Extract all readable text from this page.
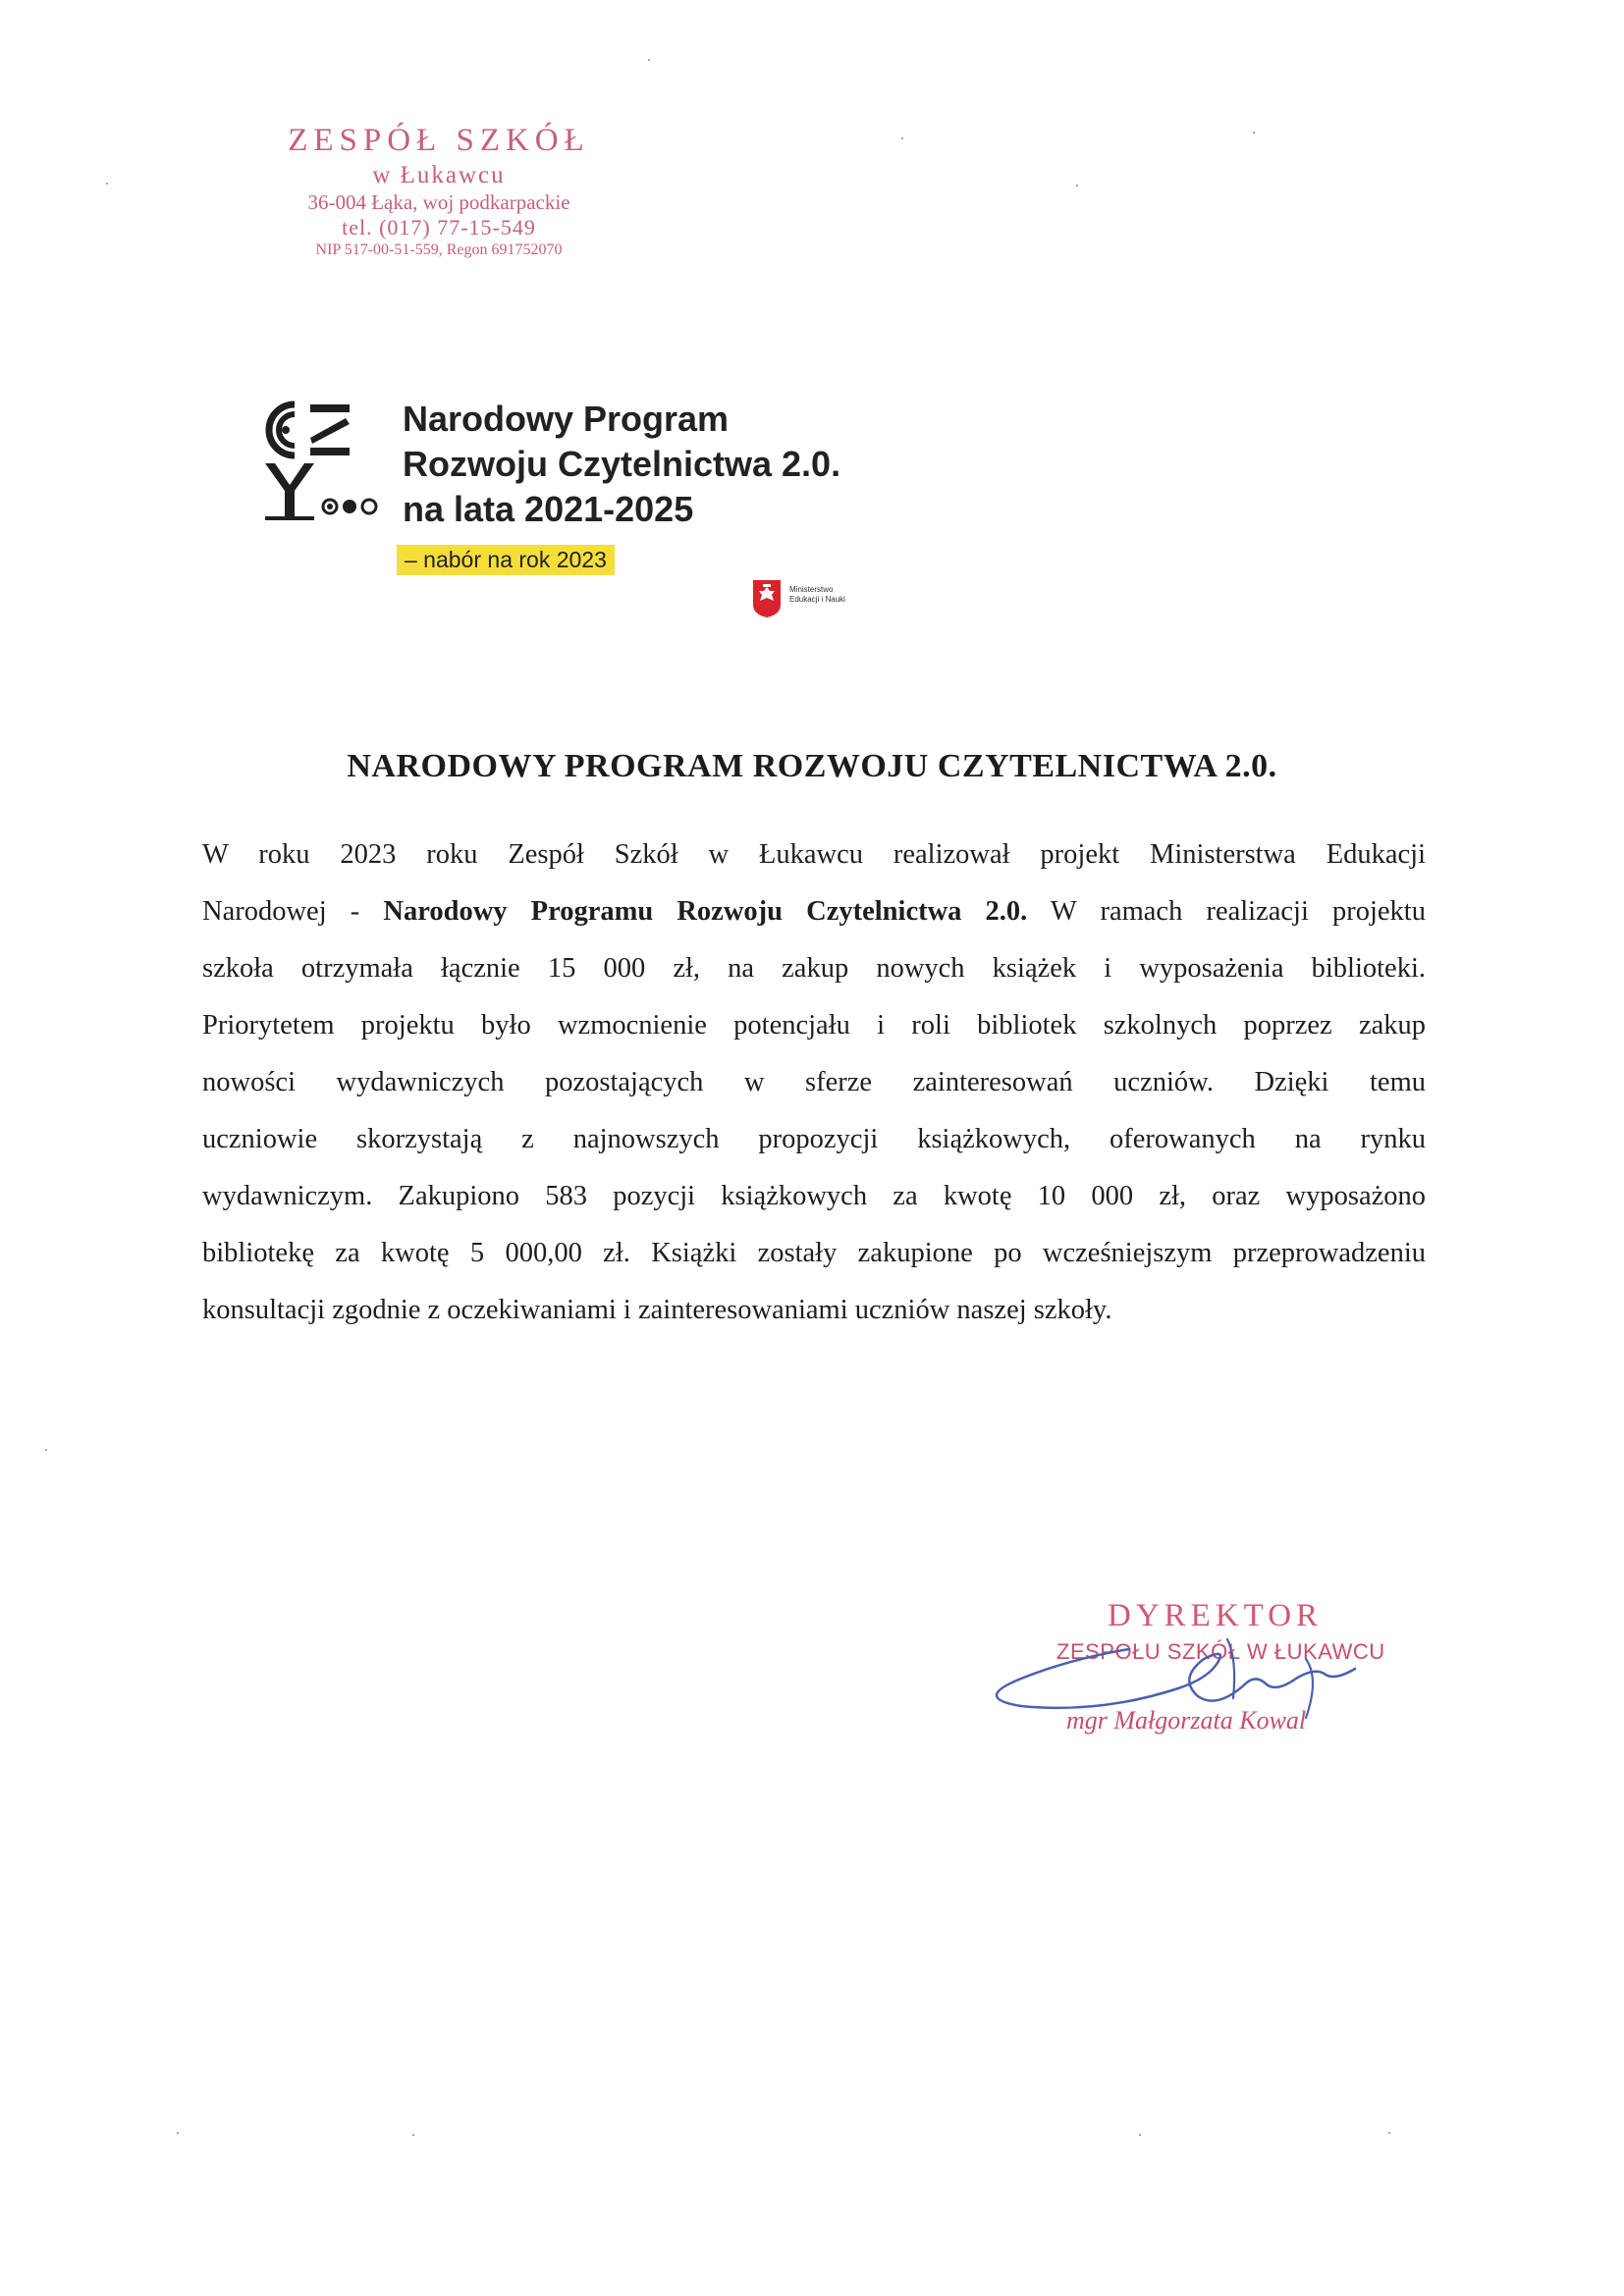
ZESPÓŁ SZKÓŁ
w Łukawcu
36-004 Łąka, woj podkarpackie
tel. (017) 77-15-549
NIP 517-00-51-559, Regon 691752070
Narodowy Program
Rozwoju Czytelnictwa 2.0.
na lata 2021-2025
– nabór na rok 2023
Ministerstwo
Edukacji i Nauki
NARODOWY PROGRAM ROZWOJU CZYTELNICTWA 2.0.
W roku 2023 roku Zespół Szkół w Łukawcu realizował projekt Ministerstwa Edukacji
Narodowej - Narodowy Programu Rozwoju Czytelnictwa 2.0. W ramach realizacji projektu
szkoła otrzymała łącznie 15 000 zł, na zakup nowych książek i wyposażenia biblioteki.
Priorytetem projektu było wzmocnienie potencjału i roli bibliotek szkolnych poprzez zakup
nowości wydawniczych pozostających w sferze zainteresowań uczniów. Dzięki temu
uczniowie skorzystają z najnowszych propozycji książkowych, oferowanych na rynku
wydawniczym. Zakupiono 583 pozycji książkowych za kwotę 10 000 zł, oraz wyposażono
bibliotekę za kwotę 5 000,00 zł. Książki zostały zakupione po wcześniejszym przeprowadzeniu
konsultacji zgodnie z oczekiwaniami i zainteresowaniami uczniów naszej szkoły.
DYREKTOR
ZESPOŁU SZKÓŁ W ŁUKAWCU
mgr Małgorzata Kowal
